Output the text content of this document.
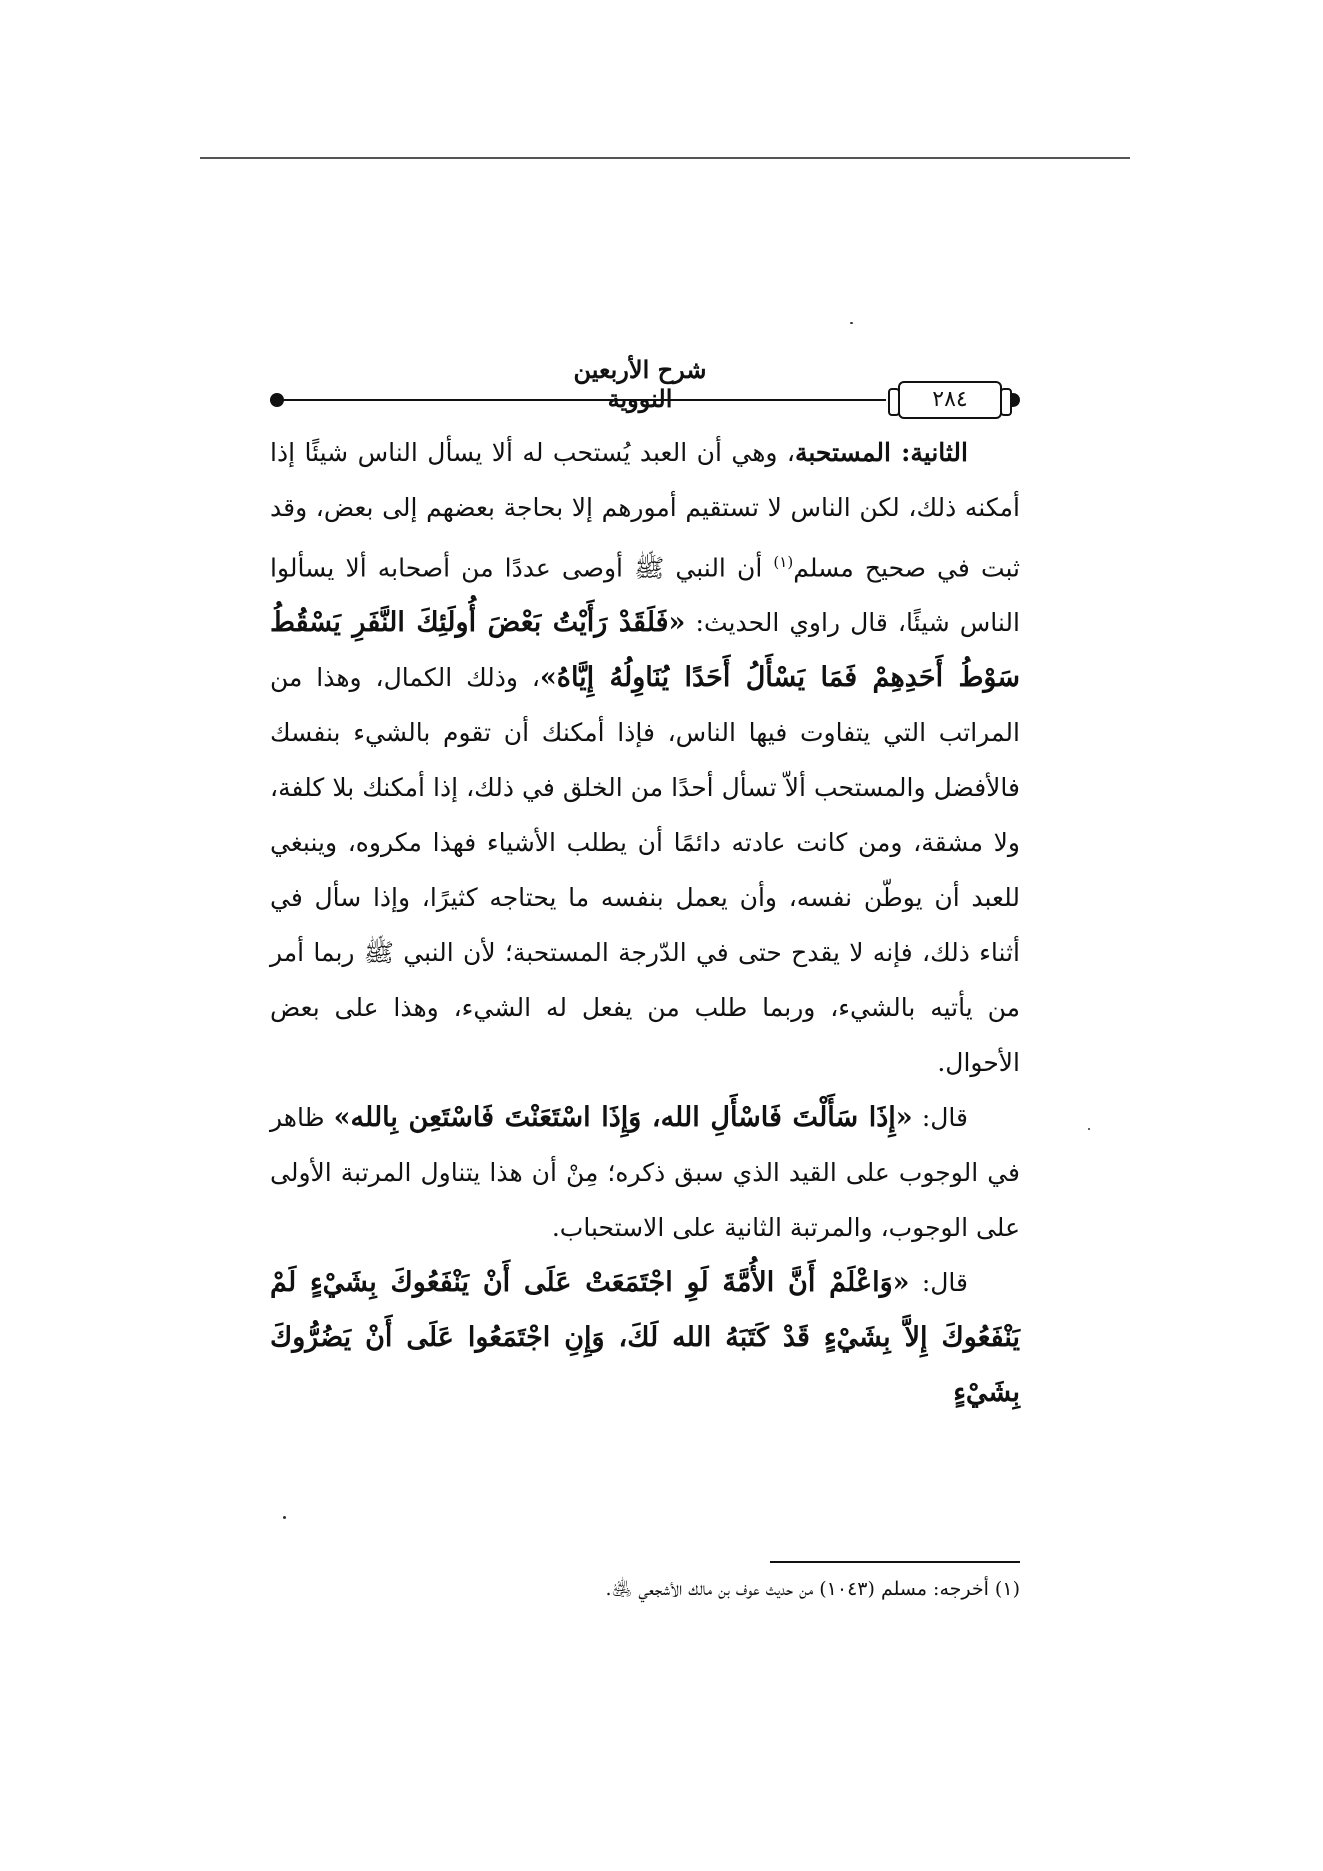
شرح الأربعين النووية	٢٨٤

الثانية: المستحبة، وهي أن العبد يُستحب له ألا يسأل الناس شيئًا إذا أمكنه ذلك، لكن الناس لا تستقيم أمورهم إلا بحاجة بعضهم إلى بعض، وقد ثبت في صحيح مسلم$^{(١)}$ أن النبي ﷺ أوصى عددًا من أصحابه ألا يسألوا الناس شيئًا، قال راوي الحديث: «فَلَقَدْ رَأَيْتُ بَعْضَ أُولَئِكَ النَّفَرِ يَسْقُطُ سَوْطُ أَحَدِهِمْ فَمَا يَسْأَلُ أَحَدًا يُنَاوِلُهُ إِيَّاهُ»، وذلك الكمال، وهذا من المراتب التي يتفاوت فيها الناس، فإذا أمكنك أن تقوم بالشيء بنفسك فالأفضل والمستحب ألاّ تسأل أحدًا من الخلق في ذلك، إذا أمكنك بلا كلفة، ولا مشقة، ومن كانت عادته دائمًا أن يطلب الأشياء فهذا مكروه، وينبغي للعبد أن يوطّن نفسه، وأن يعمل بنفسه ما يحتاجه كثيرًا، وإذا سأل في أثناء ذلك، فإنه لا يقدح حتى في الدّرجة المستحبة؛ لأن النبي ﷺ ربما أمر من يأتيه بالشيء، وربما طلب من يفعل له الشيء، وهذا على بعض الأحوال.

قال: «إِذَا سَأَلْتَ فَاسْأَلِ الله، وَإِذَا اسْتَعَنْتَ فَاسْتَعِن بِالله» ظاهر في الوجوب على القيد الذي سبق ذكره؛ مِنْ أن هذا يتناول المرتبة الأولى على الوجوب، والمرتبة الثانية على الاستحباب.

قال: «وَاعْلَمْ أَنَّ الأُمَّةَ لَوِ اجْتَمَعَتْ عَلَى أَنْ يَنْفَعُوكَ بِشَيْءٍ لَمْ يَنْفَعُوكَ إِلاَّ بِشَيْءٍ قَدْ كَتَبَهُ الله لَكَ، وَإِنِ اجْتَمَعُوا عَلَى أَنْ يَضُرُّوكَ بِشَيْءٍ

(١) أخرجه: مسلم (١٠٤٣) من حديث عوف بن مالك الأشجعي ﵁.
